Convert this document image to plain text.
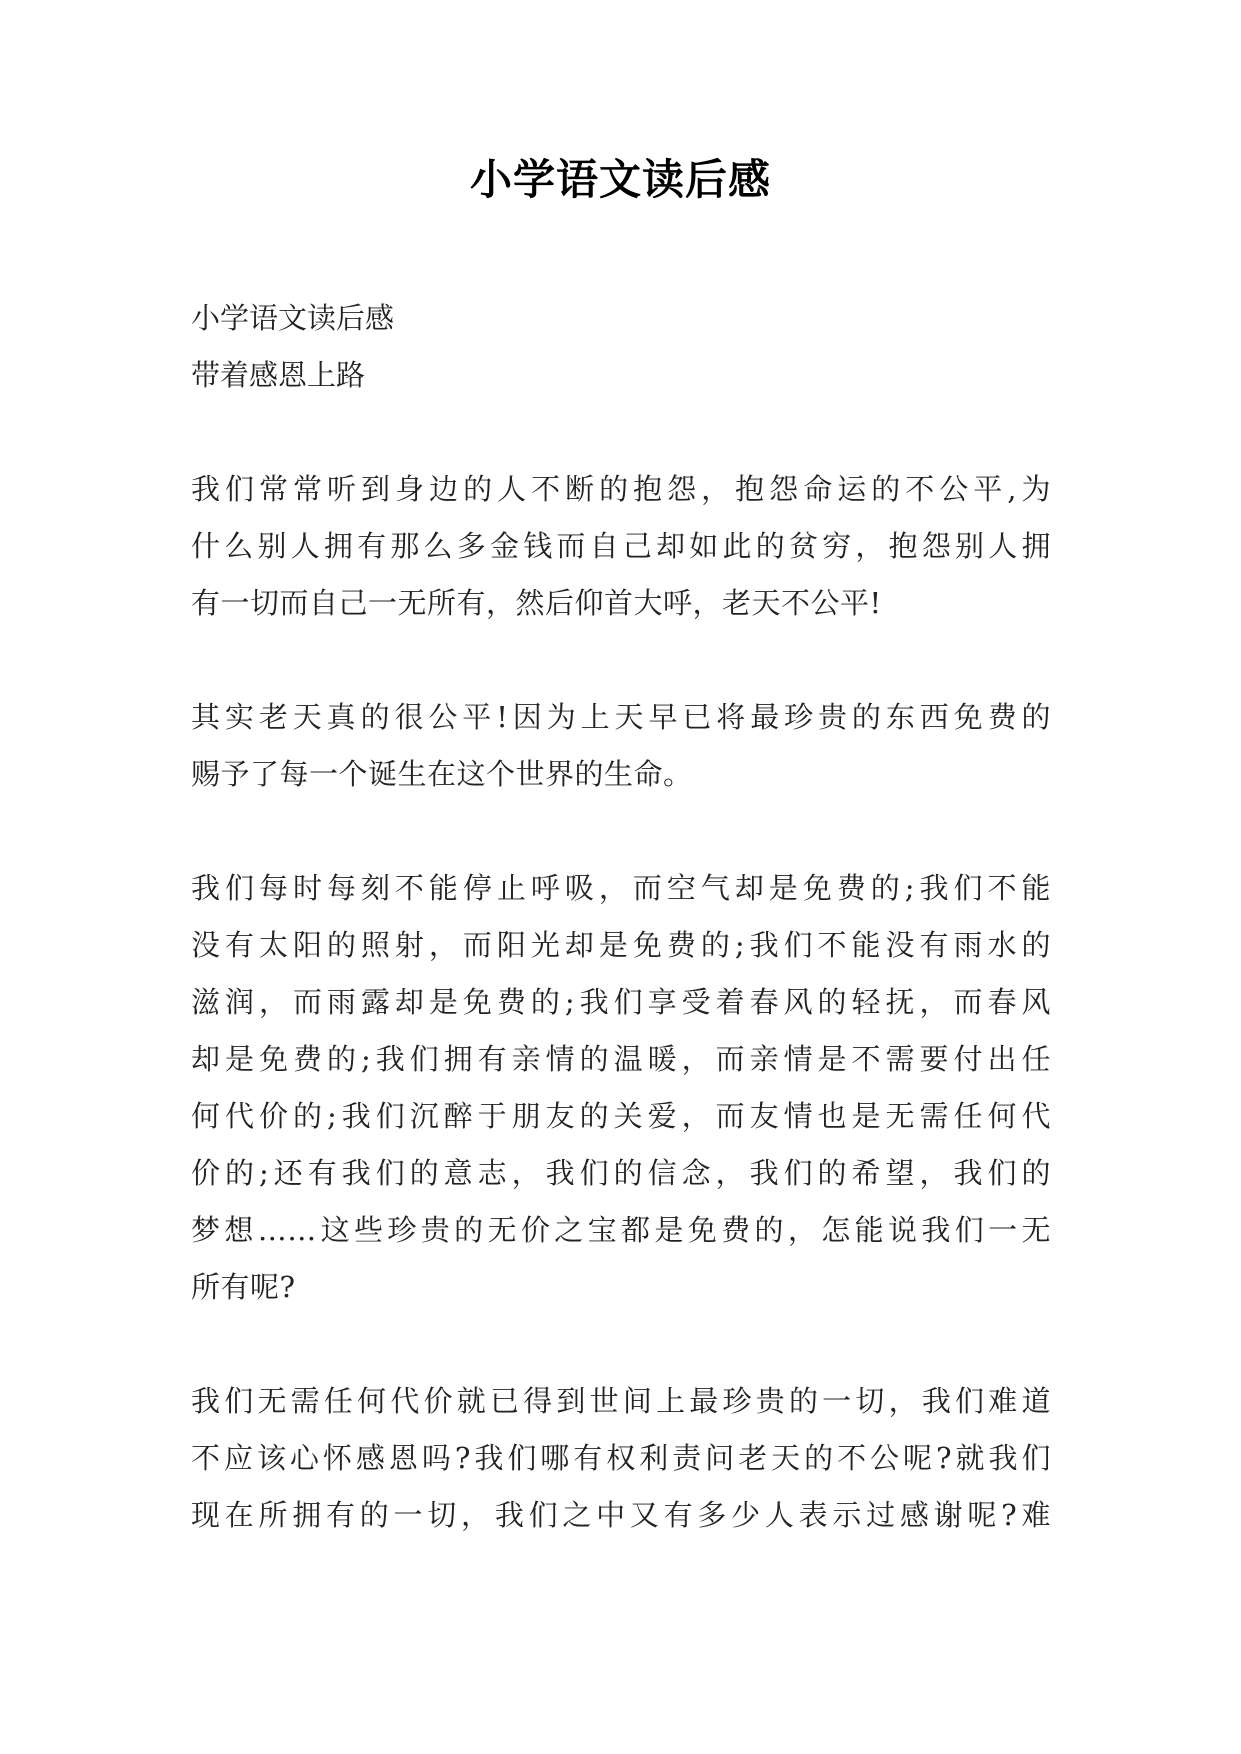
小学语文读后感
小学语文读后感
带着感恩上路

我们常常听到身边的人不断的抱怨，抱怨命运的不公平,为
什么别人拥有那么多金钱而自己却如此的贫穷，抱怨别人拥
有一切而自己一无所有，然后仰首大呼，老天不公平!

其实老天真的很公平!因为上天早已将最珍贵的东西免费的
赐予了每一个诞生在这个世界的生命。

我们每时每刻不能停止呼吸，而空气却是免费的;我们不能
没有太阳的照射，而阳光却是免费的;我们不能没有雨水的
滋润，而雨露却是免费的;我们享受着春风的轻抚，而春风
却是免费的;我们拥有亲情的温暖，而亲情是不需要付出任
何代价的;我们沉醉于朋友的关爱，而友情也是无需任何代
价的;还有我们的意志，我们的信念，我们的希望，我们的
梦想……这些珍贵的无价之宝都是免费的，怎能说我们一无
所有呢?

我们无需任何代价就已得到世间上最珍贵的一切，我们难道
不应该心怀感恩吗?我们哪有权利责问老天的不公呢?就我们
现在所拥有的一切，我们之中又有多少人表示过感谢呢?难
